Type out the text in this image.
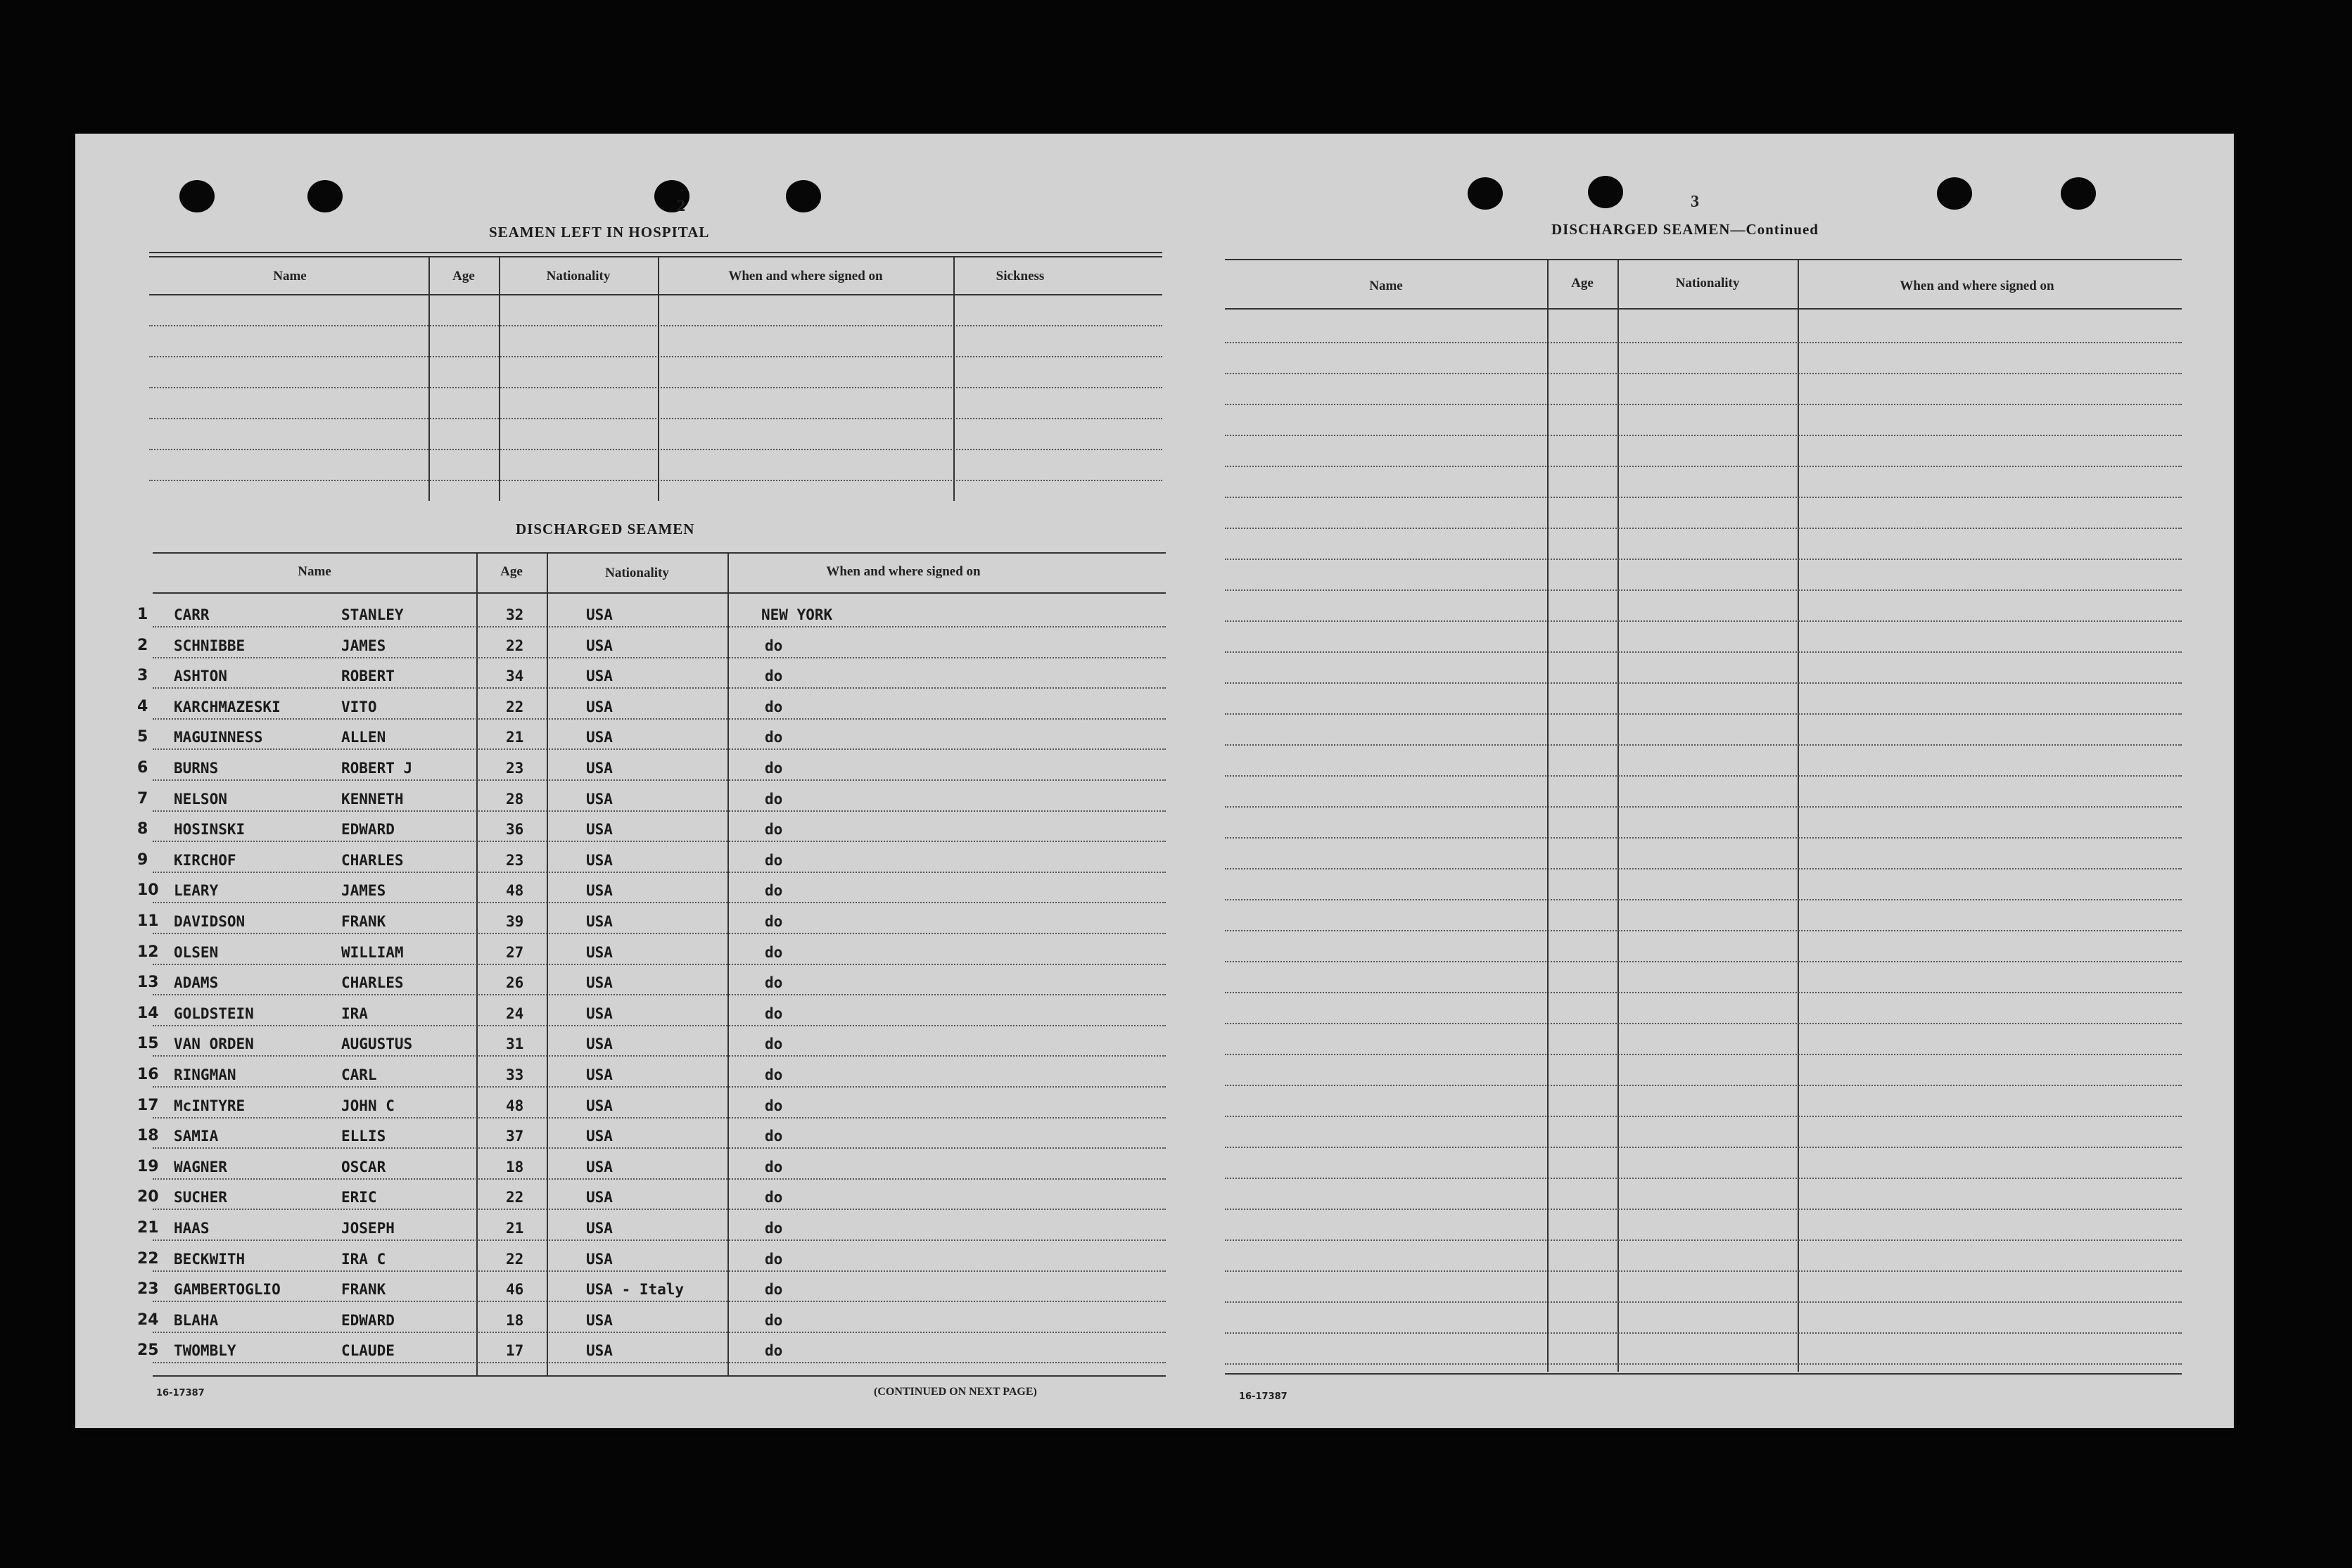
2
SEAMEN LEFT IN HOSPITAL
Name	Age	Nationality	When and where signed on	Sickness
DISCHARGED SEAMEN
Name	Age	Nationality	When and where signed on
1 CARR	STANLEY	32	USA	NEW YORK
2 SCHNIBBE	JAMES	22	USA	do
3 ASHTON	ROBERT	34	USA	do
4 KARCHMAZESKI	VITO	22	USA	do
5 MAGUINNESS	ALLEN	21	USA	do
6 BURNS	ROBERT J	23	USA	do
7 NELSON	KENNETH	28	USA	do
8 HOSINSKI	EDWARD	36	USA	do
9 KIRCHOF	CHARLES	23	USA	do
10 LEARY	JAMES	48	USA	do
11 DAVIDSON	FRANK	39	USA	do
12 OLSEN	WILLIAM	27	USA	do
13 ADAMS	CHARLES	26	USA	do
14 GOLDSTEIN	IRA	24	USA	do
15 VAN ORDEN	AUGUSTUS	31	USA	do
16 RINGMAN	CARL	33	USA	do
17 McINTYRE	JOHN C	48	USA	do
18 SAMIA	ELLIS	37	USA	do
19 WAGNER	OSCAR	18	USA	do
20 SUCHER	ERIC	22	USA	do
21 HAAS	JOSEPH	21	USA	do
22 BECKWITH	IRA C	22	USA	do
23 GAMBERTOGLIO	FRANK	46	USA - Italy	do
24 BLAHA	EDWARD	18	USA	do
25 TWOMBLY	CLAUDE	17	USA	do
16-17387	(CONTINUED ON NEXT PAGE)
3
DISCHARGED SEAMEN—Continued
Name	Age	Nationality	When and where signed on
16-17387
